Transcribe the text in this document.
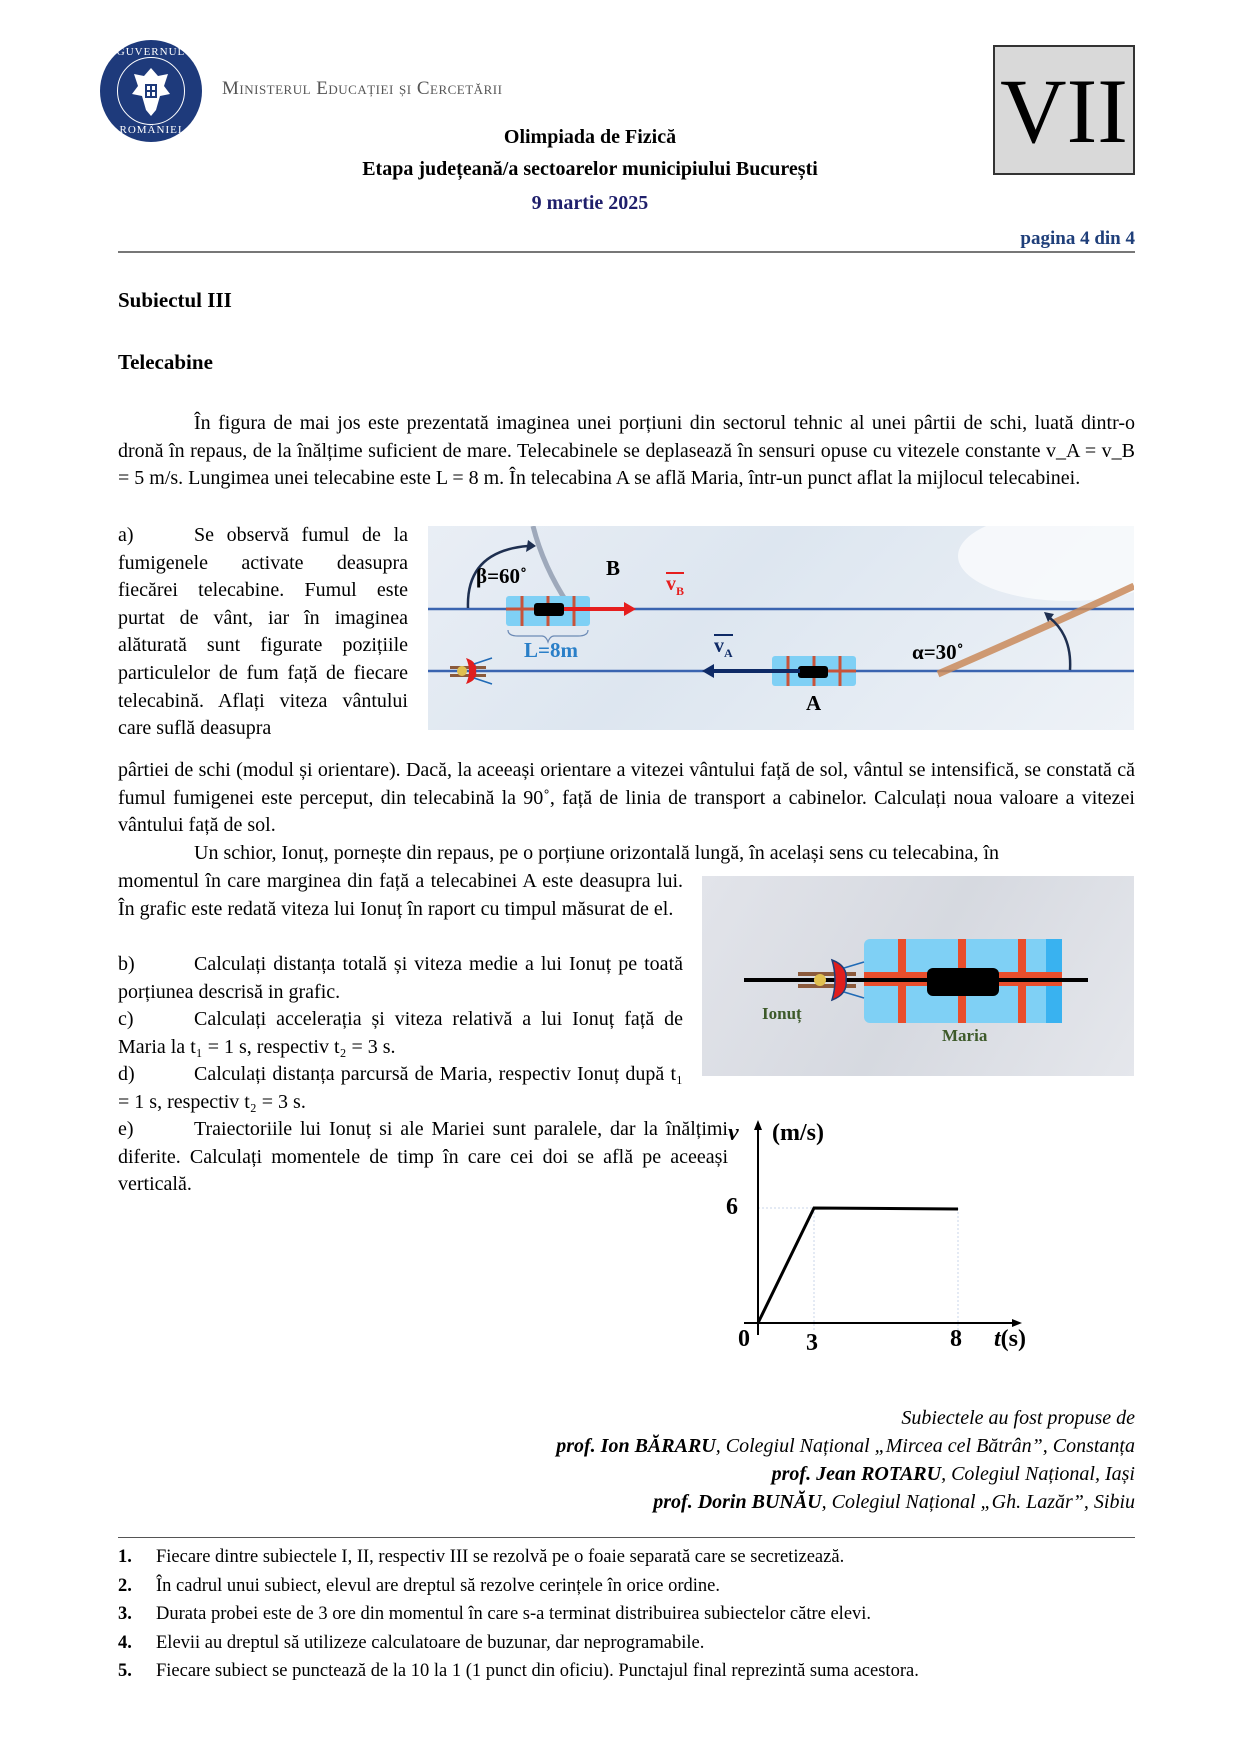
GUVERNUL
ROMÂNIEI
Ministerul Educației și Cercetării
Olimpiada de Fizică
Etapa județeană/a sectoarelor municipiului București
9 martie 2025
VII
pagina 4 din 4
Subiectul III
Telecabine
În figura de mai jos este prezentată imaginea unei porțiuni din sectorul tehnic al unei pârtii de schi, luată dintr-o dronă în repaus, de la înălțime suficient de mare. Telecabinele se deplasează în sensuri opuse cu vitezele constante v_A = v_B = 5 m/s. Lungimea unei telecabine este L = 8 m. În telecabina A se află Maria, într-un punct aflat la mijlocul telecabinei.
a)	Se observă fumul de la fumigenele activate deasupra fiecărei telecabine. Fumul este purtat de vânt, iar în imaginea alăturată sunt figurate pozițiile particulelor de fum față de fiecare telecabină. Aflați viteza vântului care suflă deasupra
β=60˚	B
$v_B$
L=8m	$v_A$	α=30˚
A
pârtiei de schi (modul și orientare). Dacă, la aceeași orientare a vitezei vântului față de sol, vântul se intensifică, se constată că fumul fumigenei este perceput, din telecabină la 90˚, față de linia de transport a cabinelor. Calculați noua valoare a vitezei vântului față de sol.
Un schior, Ionuț, pornește din repaus, pe o porțiune orizontală lungă, în același sens cu telecabina, în
momentul în care marginea din față a telecabinei A este deasupra lui. În grafic este redată viteza lui Ionuț în raport cu timpul măsurat de el.
b)	Calculați distanța totală și viteza medie a lui Ionuț pe toată porțiunea descrisă in grafic.
c)	Calculați accelerația și viteza relativă a lui Ionuț față de Maria la t₁ = 1 s, respectiv t₂ = 3 s.
d)	Calculați distanța parcursă de Maria, respectiv Ionuț după t₁ = 1 s, respectiv t₂ = 3 s.
e)	Traiectoriile lui Ionuț si ale Mariei sunt paralele, dar la înălțimi diferite. Calculați momentele de timp în care cei doi se află pe aceeași verticală.
Ionuț
Maria
v (m/s)
6
0 3	8 t(s)
Subiectele au fost propuse de
prof. Ion BĂRARU, Colegiul Național „Mircea cel Bătrân”, Constanța
prof. Jean ROTARU, Colegiul Național, Iași
prof. Dorin BUNĂU, Colegiul Național „Gh. Lazăr”, Sibiu
1. Fiecare dintre subiectele I, II, respectiv III se rezolvă pe o foaie separată care se secretizează.
2. În cadrul unui subiect, elevul are dreptul să rezolve cerințele în orice ordine.
3. Durata probei este de 3 ore din momentul în care s-a terminat distribuirea subiectelor către elevi.
4. Elevii au dreptul să utilizeze calculatoare de buzunar, dar neprogramabile.
5. Fiecare subiect se punctează de la 10 la 1 (1 punct din oficiu). Punctajul final reprezintă suma acestora.
